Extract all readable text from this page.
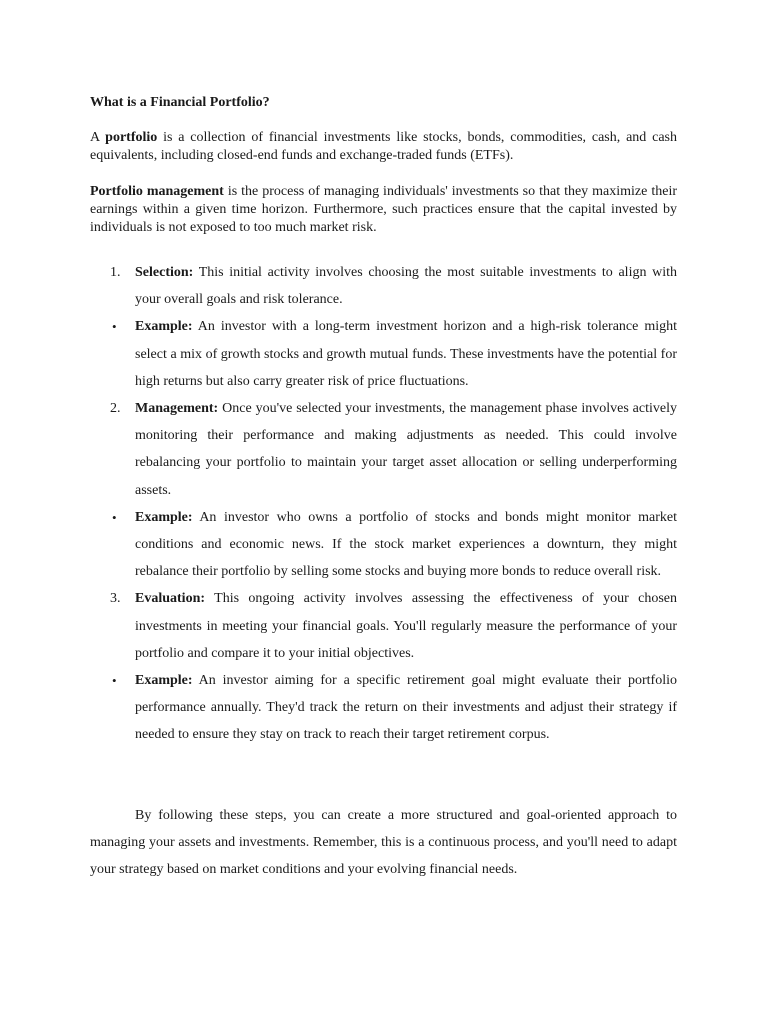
What is a Financial Portfolio?

A portfolio is a collection of financial investments like stocks, bonds, commodities, cash, and cash equivalents, including closed-end funds and exchange-traded funds (ETFs).

Portfolio management is the process of managing individuals' investments so that they maximize their earnings within a given time horizon. Furthermore, such practices ensure that the capital invested by individuals is not exposed to too much market risk.

1.	Selection: This initial activity involves choosing the most suitable investments to align with your overall goals and risk tolerance.
•	Example: An investor with a long-term investment horizon and a high-risk tolerance might select a mix of growth stocks and growth mutual funds. These investments have the potential for high returns but also carry greater risk of price fluctuations.
2.	Management: Once you've selected your investments, the management phase involves actively monitoring their performance and making adjustments as needed. This could involve rebalancing your portfolio to maintain your target asset allocation or selling underperforming assets.
•	Example: An investor who owns a portfolio of stocks and bonds might monitor market conditions and economic news. If the stock market experiences a downturn, they might rebalance their portfolio by selling some stocks and buying more bonds to reduce overall risk.
3.	Evaluation: This ongoing activity involves assessing the effectiveness of your chosen investments in meeting your financial goals. You'll regularly measure the performance of your portfolio and compare it to your initial objectives.
•	Example: An investor aiming for a specific retirement goal might evaluate their portfolio performance annually. They'd track the return on their investments and adjust their strategy if needed to ensure they stay on track to reach their target retirement corpus.

By following these steps, you can create a more structured and goal-oriented approach to managing your assets and investments. Remember, this is a continuous process, and you'll need to adapt your strategy based on market conditions and your evolving financial needs.
